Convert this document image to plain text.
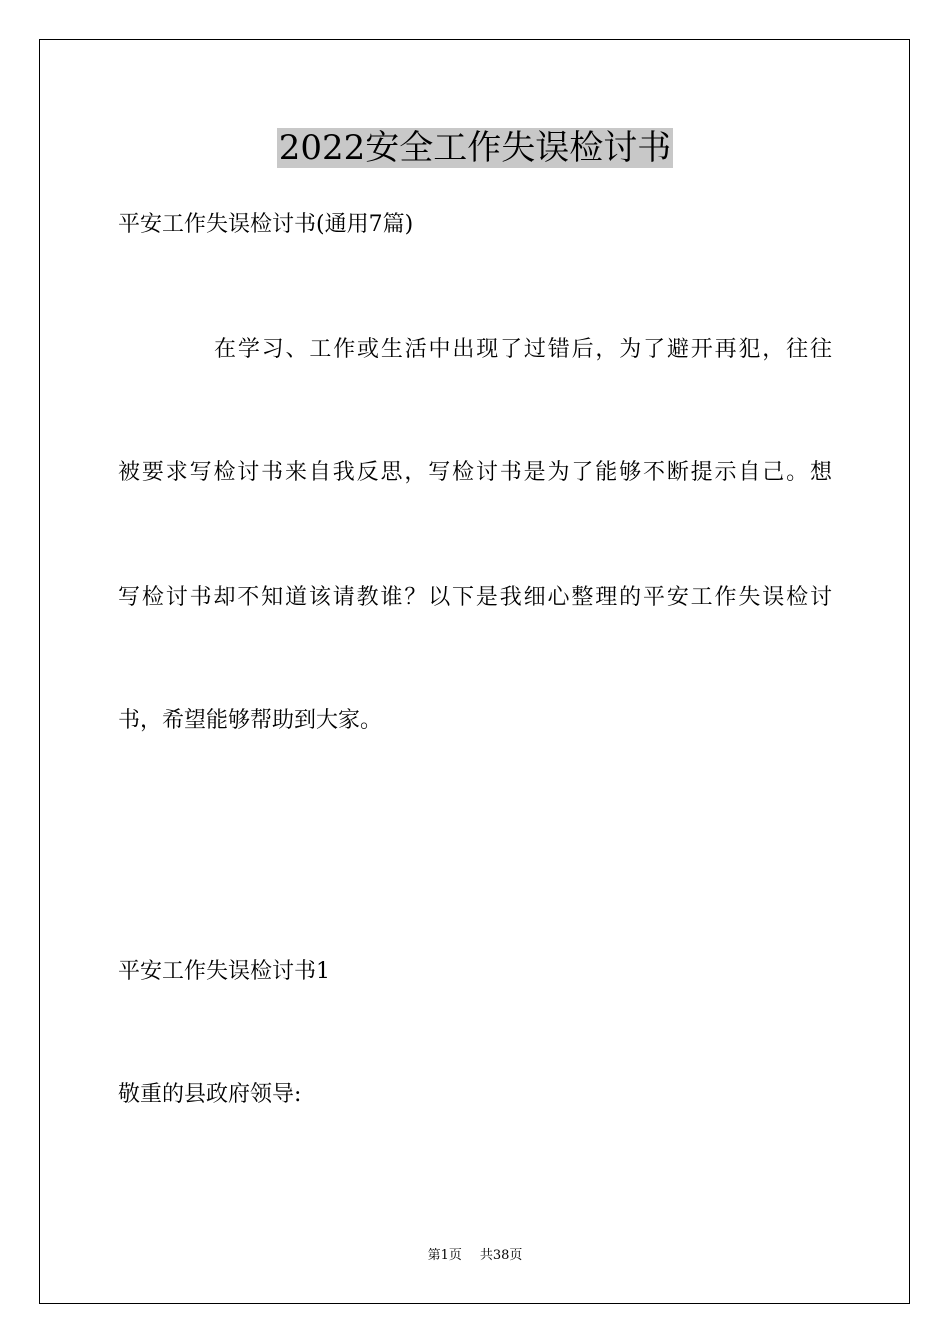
2022安全工作失误检讨书
平安工作失误检讨书(通用7篇)
在学习、工作或生活中出现了过错后，为了避开再犯，往往
被要求写检讨书来自我反思，写检讨书是为了能够不断提示自己。想
写检讨书却不知道该请教谁？以下是我细心整理的平安工作失误检讨
书，希望能够帮助到大家。
平安工作失误检讨书1
敬重的县政府领导:
第1页 共38页
